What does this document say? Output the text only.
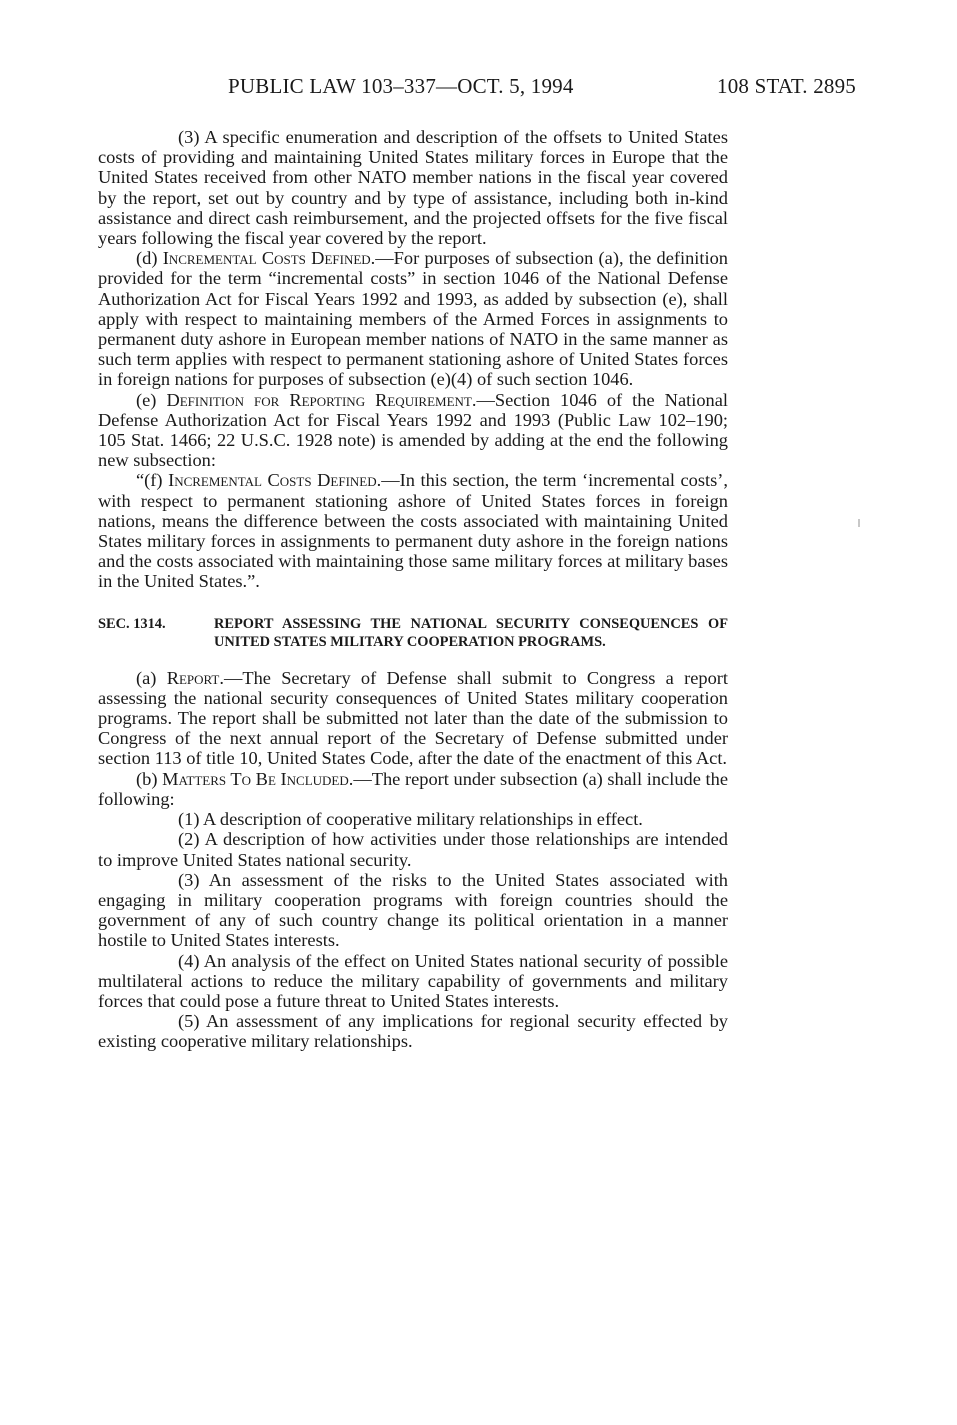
PUBLIC LAW 103–337—OCT. 5, 1994	108 STAT. 2895

(3) A specific enumeration and description of the offsets to United States costs of providing and maintaining United States military forces in Europe that the United States received from other NATO member nations in the fiscal year covered by the report, set out by country and by type of assistance, including both in-kind assistance and direct cash reimbursement, and the projected offsets for the five fiscal years following the fiscal year covered by the report.

(d) Incremental Costs Defined.—For purposes of subsection (a), the definition provided for the term “incremental costs” in section 1046 of the National Defense Authorization Act for Fiscal Years 1992 and 1993, as added by subsection (e), shall apply with respect to maintaining members of the Armed Forces in assignments to permanent duty ashore in European member nations of NATO in the same manner as such term applies with respect to permanent stationing ashore of United States forces in foreign nations for purposes of subsection (e)(4) of such section 1046.

(e) Definition for Reporting Requirement.—Section 1046 of the National Defense Authorization Act for Fiscal Years 1992 and 1993 (Public Law 102–190; 105 Stat. 1466; 22 U.S.C. 1928 note) is amended by adding at the end the following new subsection:

“(f) Incremental Costs Defined.—In this section, the term ‘incremental costs’, with respect to permanent stationing ashore of United States forces in foreign nations, means the difference between the costs associated with maintaining United States military forces in assignments to permanent duty ashore in the foreign nations and the costs associated with maintaining those same military forces at military bases in the United States.”.

SEC. 1314.	REPORT ASSESSING THE NATIONAL SECURITY CONSEQUENCES OF UNITED STATES MILITARY COOPERATION PROGRAMS.

(a) Report.—The Secretary of Defense shall submit to Congress a report assessing the national security consequences of United States military cooperation programs. The report shall be submitted not later than the date of the submission to Congress of the next annual report of the Secretary of Defense submitted under section 113 of title 10, United States Code, after the date of the enactment of this Act.

(b) Matters To Be Included.—The report under subsection (a) shall include the following:

(1) A description of cooperative military relationships in effect.

(2) A description of how activities under those relationships are intended to improve United States national security.

(3) An assessment of the risks to the United States associated with engaging in military cooperation programs with foreign countries should the government of any of such country change its political orientation in a manner hostile to United States interests.

(4) An analysis of the effect on United States national security of possible multilateral actions to reduce the military capability of governments and military forces that could pose a future threat to United States interests.

(5) An assessment of any implications for regional security effected by existing cooperative military relationships.
